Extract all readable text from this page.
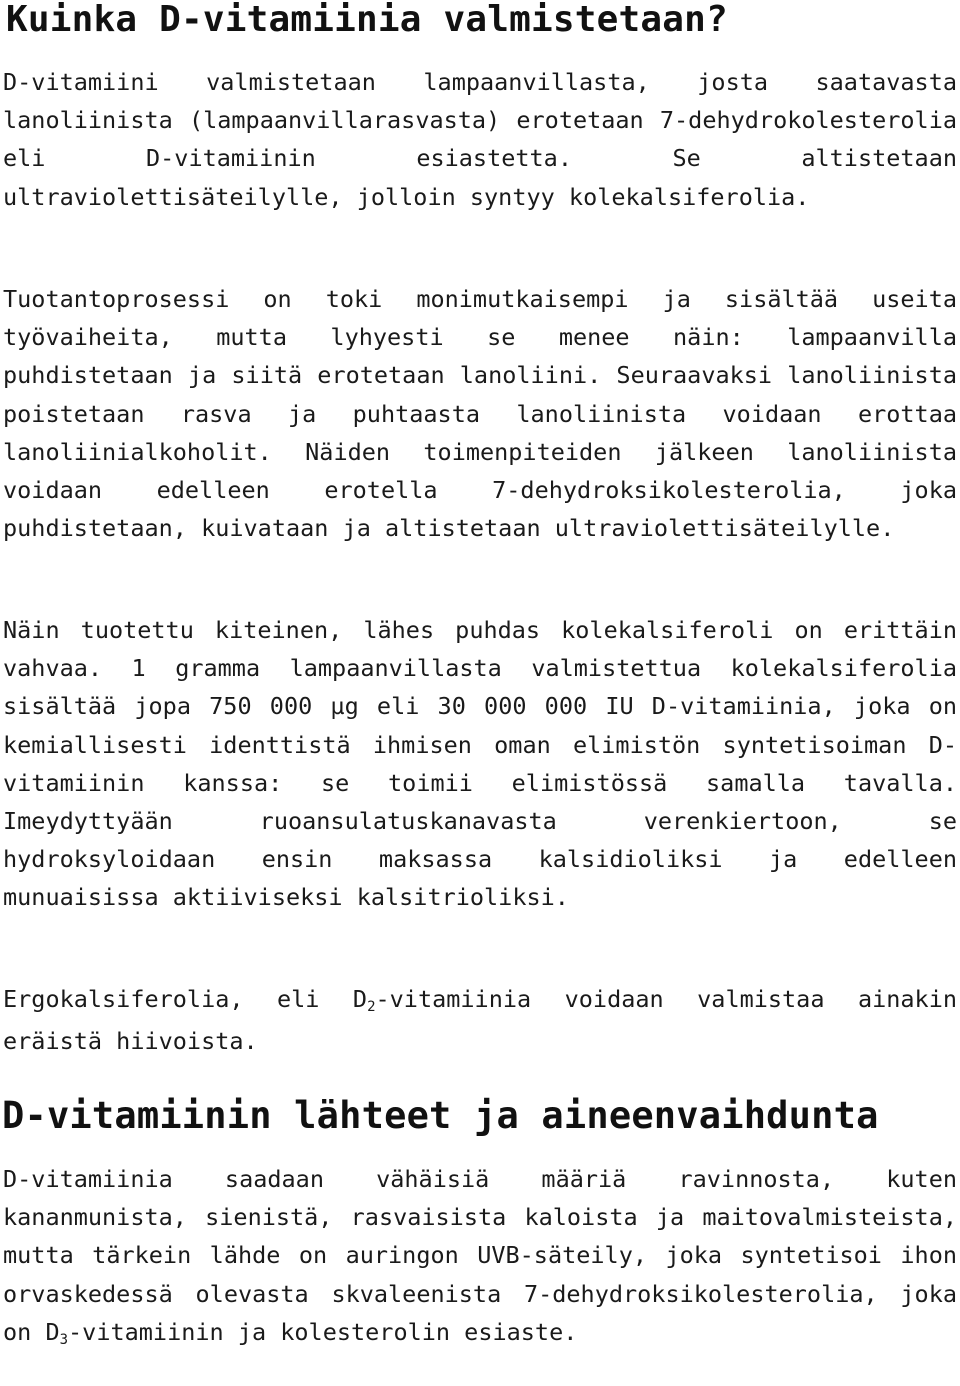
Kuinka D-vitamiinia valmistetaan?

D-vitamiini valmistetaan lampaanvillasta, josta saatavasta lanoliinista (lampaanvillarasvasta) erotetaan 7-dehydrokolesterolia eli D-vitamiinin esiastetta. Se altistetaan ultraviolettisäteilylle, jolloin syntyy kolekalsiferolia.

Tuotantoprosessi on toki monimutkaisempi ja sisältää useita työvaiheita, mutta lyhyesti se menee näin: lampaanvilla puhdistetaan ja siitä erotetaan lanoliini. Seuraavaksi lanoliinista poistetaan rasva ja puhtaasta lanoliinista voidaan erottaa lanoliinialkoholit. Näiden toimenpiteiden jälkeen lanoliinista voidaan edelleen erotella 7-dehydroksikolesterolia, joka puhdistetaan, kuivataan ja altistetaan ultraviolettisäteilylle.

Näin tuotettu kiteinen, lähes puhdas kolekalsiferoli on erittäin vahvaa. 1 gramma lampaanvillasta valmistettua kolekalsiferolia sisältää jopa 750 000 µg eli 30 000 000 IU D-vitamiinia, joka on kemiallisesti identtistä ihmisen oman elimistön syntetisoiman D-vitamiinin kanssa: se toimii elimistössä samalla tavalla. Imeydyttyään ruoansulatuskanavasta verenkiertoon, se hydroksyloidaan ensin maksassa kalsidioliksi ja edelleen munuaisissa aktiiviseksi kalsitrioliksi.

Ergokalsiferolia, eli $D_2$-vitamiinia voidaan valmistaa ainakin eräistä hiivoista.

D-vitamiinin lähteet ja aineenvaihdunta

D-vitamiinia saadaan vähäisiä määriä ravinnosta, kuten kananmunista, sienistä, rasvaisista kaloista ja maitovalmisteista, mutta tärkein lähde on auringon UVB-säteily, joka syntetisoi ihon orvaskedessä olevasta skvaleenista 7-dehydroksikolesterolia, joka on $D_3$-vitamiinin ja kolesterolin esiaste.
